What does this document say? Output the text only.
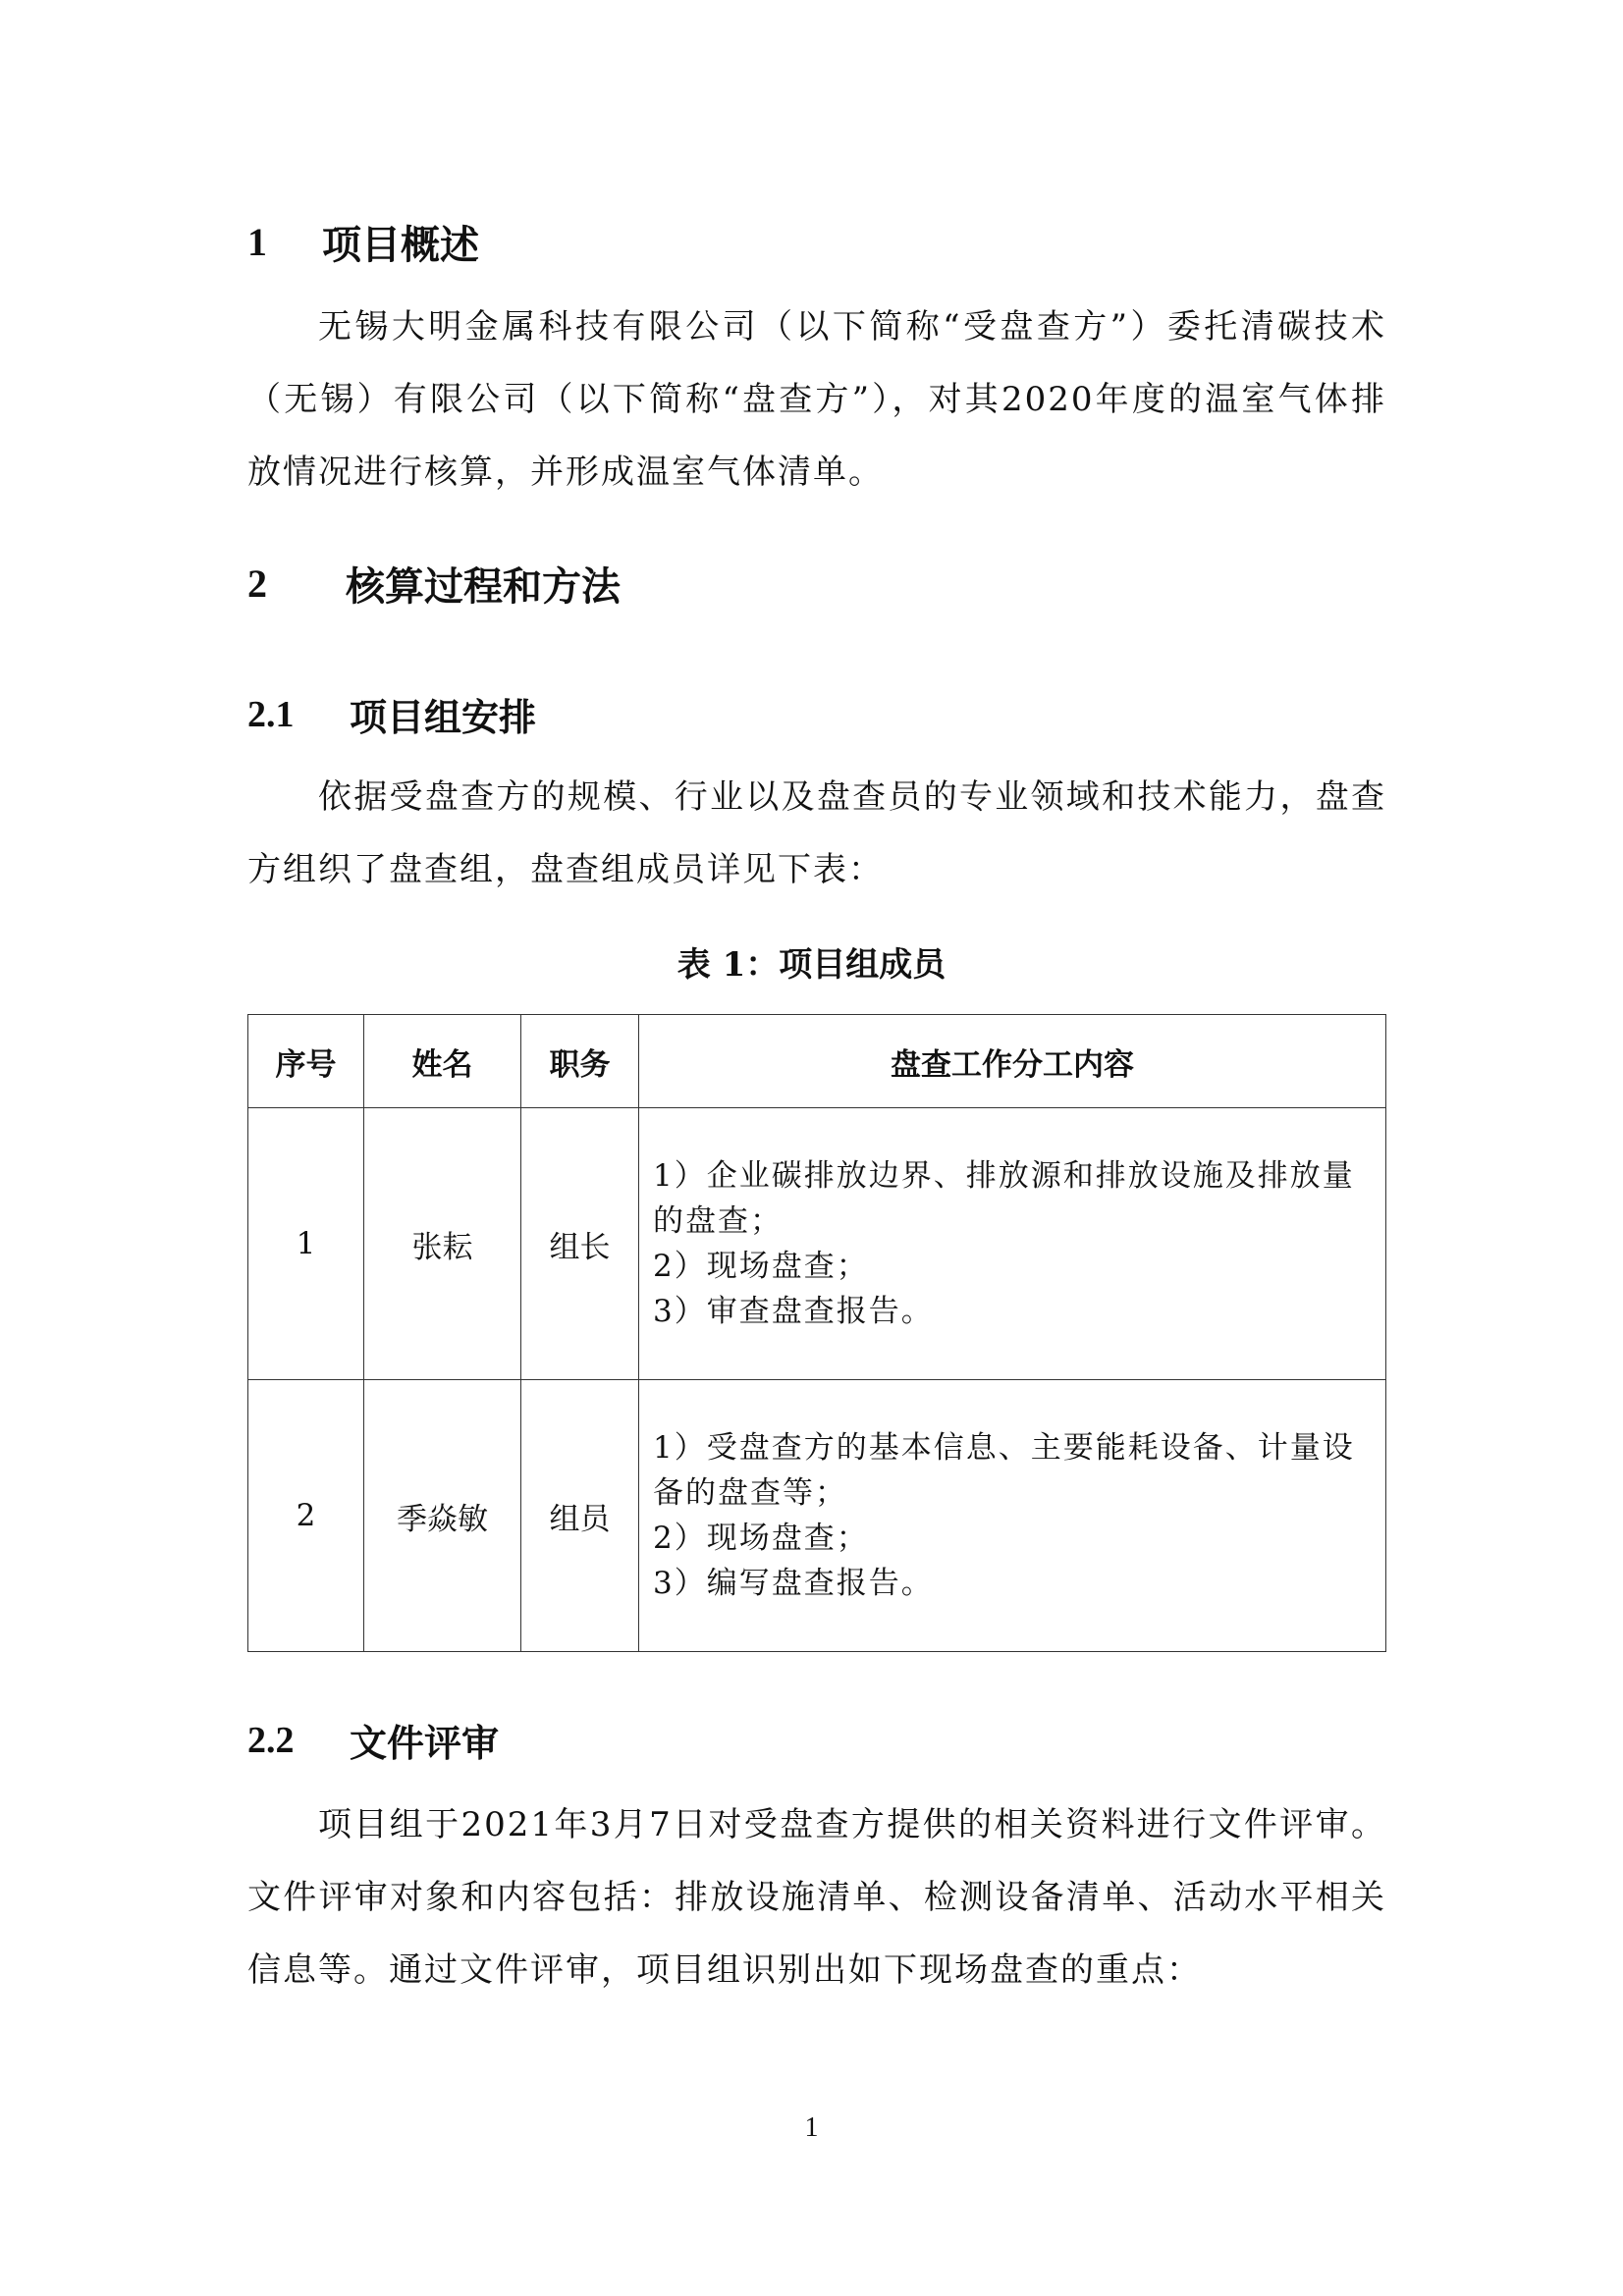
1	项目概述

无锡大明金属科技有限公司（以下简称“受盘查方”）委托清碳技术（无锡）有限公司（以下简称“盘查方”），对其2020年度的温室气体排放情况进行核算，并形成温室气体清单。

2	核算过程和方法
2.1	项目组安排

依据受盘查方的规模、行业以及盘查员的专业领域和技术能力，盘查方组织了盘查组，盘查组成员详见下表：

表 1：项目组成员
序号	姓名	职务	盘查工作分工内容
1	张耘	组长	1）企业碳排放边界、排放源和排放设施及排放量的盘查；
2）现场盘查；
3）审查盘查报告。

2	季焱敏	组员	1）受盘查方的基本信息、主要能耗设备、计量设备的盘查等；
2）现场盘查；
3）编写盘查报告。
2.2	文件评审

项目组于2021年3月7日对受盘查方提供的相关资料进行文件评审。文件评审对象和内容包括：排放设施清单、检测设备清单、活动水平相关信息等。通过文件评审，项目组识别出如下现场盘查的重点：

1
